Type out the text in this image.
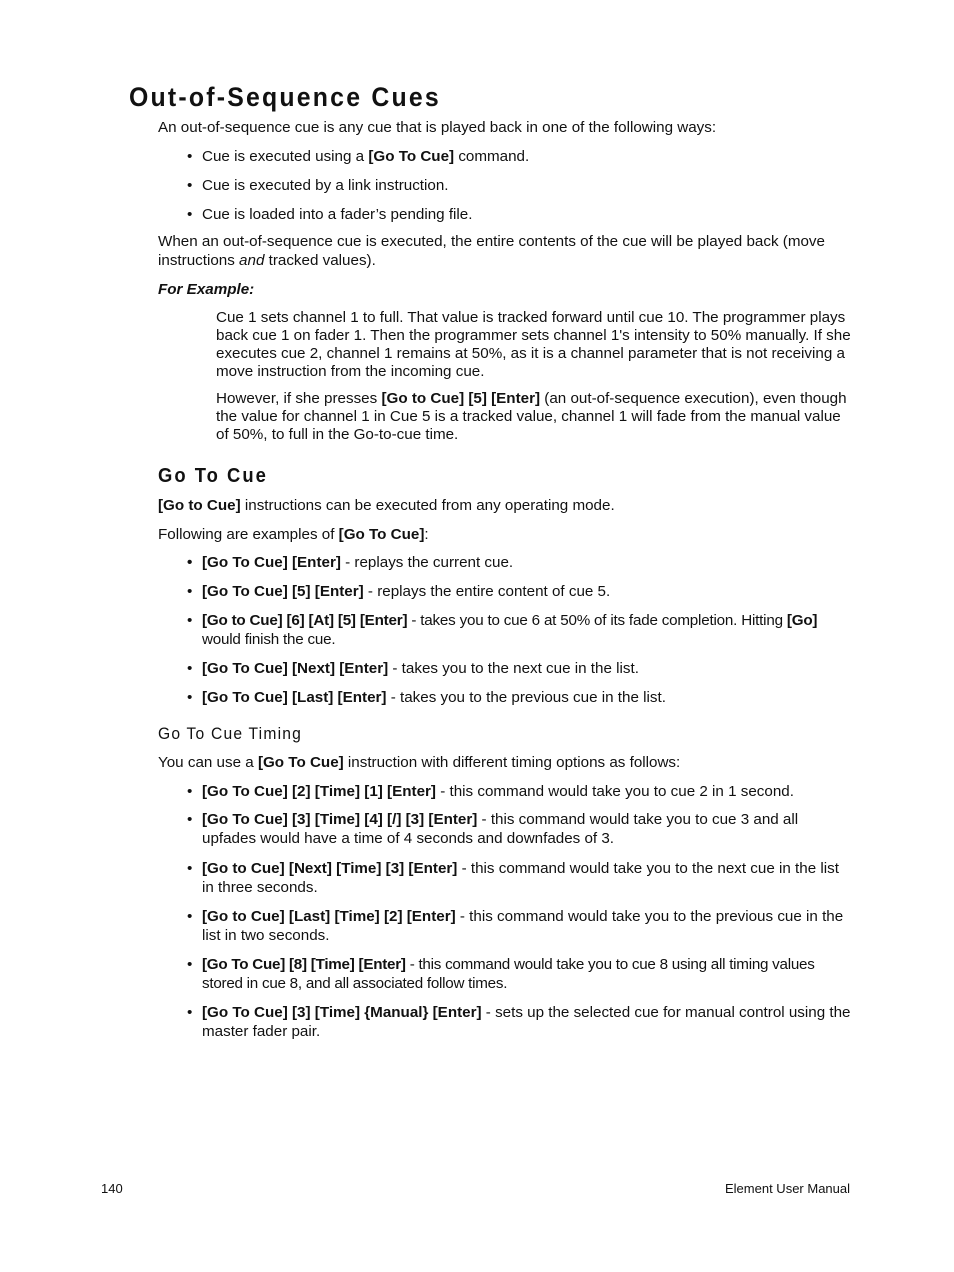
Out-of-Sequence Cues

An out-of-sequence cue is any cue that is played back in one of the following ways:

• Cue is executed using a [Go To Cue] command.

• Cue is executed by a link instruction.

• Cue is loaded into a fader’s pending file.

When an out-of-sequence cue is executed, the entire contents of the cue will be played back (move instructions and tracked values).

For Example:

Cue 1 sets channel 1 to full. That value is tracked forward until cue 10. The programmer plays back cue 1 on fader 1. Then the programmer sets channel 1's intensity to 50% manually. If she executes cue 2, channel 1 remains at 50%, as it is a channel parameter that is not receiving a move instruction from the incoming cue.

However, if she presses [Go to Cue] [5] [Enter] (an out-of-sequence execution), even though the value for channel 1 in Cue 5 is a tracked value, channel 1 will fade from the manual value of 50%, to full in the Go-to-cue time.

Go To Cue

[Go to Cue] instructions can be executed from any operating mode.

Following are examples of [Go To Cue]:

• [Go To Cue] [Enter] - replays the current cue.

• [Go To Cue] [5] [Enter] - replays the entire content of cue 5.

• [Go to Cue] [6] [At] [5] [Enter] - takes you to cue 6 at 50% of its fade completion. Hitting [Go] would finish the cue.

• [Go To Cue] [Next] [Enter] - takes you to the next cue in the list.

• [Go To Cue] [Last] [Enter] - takes you to the previous cue in the list.

Go To Cue Timing

You can use a [Go To Cue] instruction with different timing options as follows:

• [Go To Cue] [2] [Time] [1] [Enter] - this command would take you to cue 2 in 1 second.

• [Go To Cue] [3] [Time] [4] [/] [3] [Enter] - this command would take you to cue 3 and all upfades would have a time of 4 seconds and downfades of 3.

• [Go to Cue] [Next] [Time] [3] [Enter] - this command would take you to the next cue in the list in three seconds.

• [Go to Cue] [Last] [Time] [2] [Enter] - this command would take you to the previous cue in the list in two seconds.

• [Go To Cue] [8] [Time] [Enter] - this command would take you to cue 8 using all timing values stored in cue 8, and all associated follow times.

• [Go To Cue] [3] [Time] {Manual} [Enter] - sets up the selected cue for manual control using the master fader pair.

140	Element User Manual
